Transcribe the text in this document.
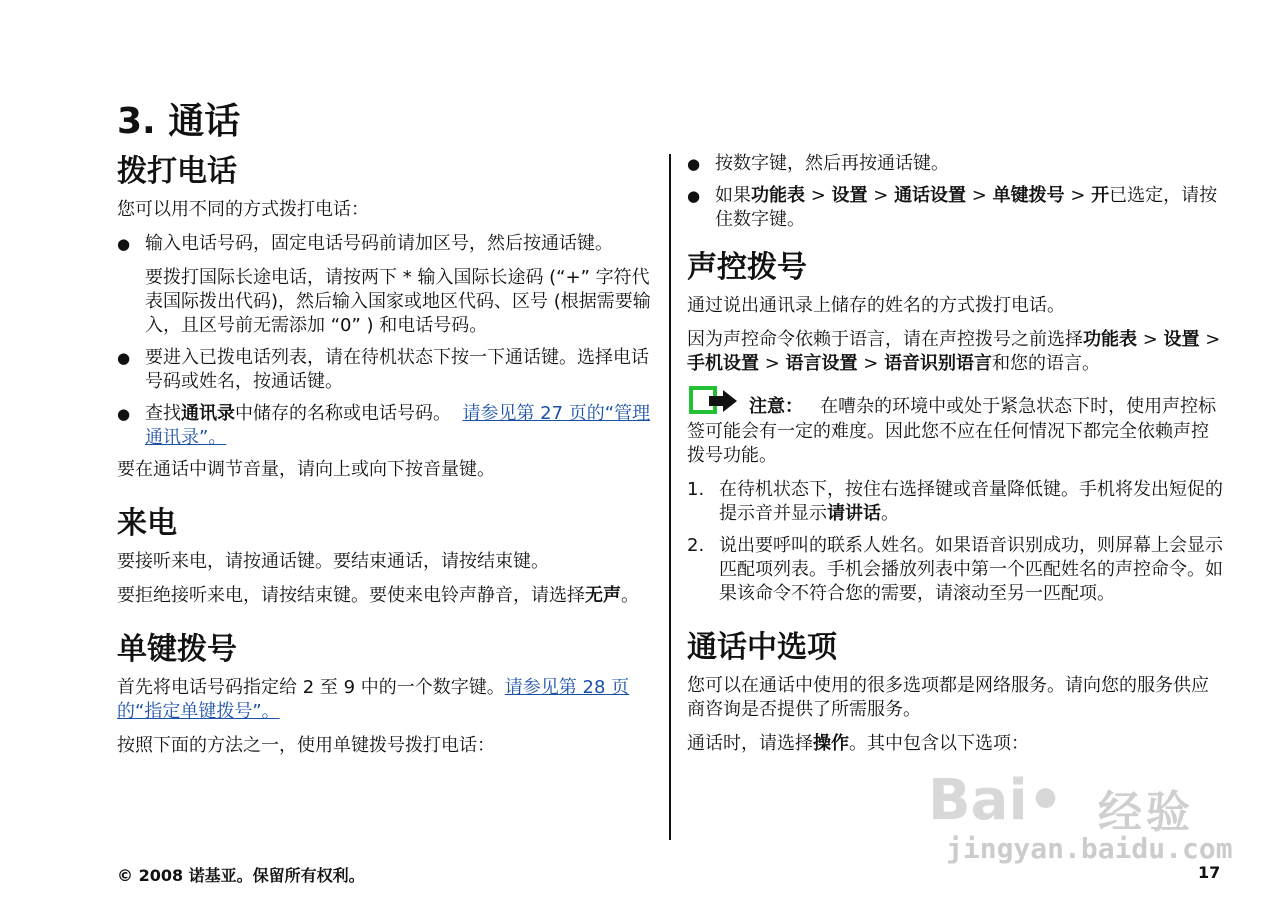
3. 通话
拨打电话

您可以用不同的方式拨打电话：

● 输入电话号码，固定电话号码前请加区号，然后按通话键。
要拨打国际长途电话，请按两下 * 输入国际长途码 (“+” 字符代表国际拨出代码)，然后输入国家或地区代码、区号 (根据需要输入，且区号前无需添加 “0” ) 和电话号码。
● 要进入已拨电话列表，请在待机状态下按一下通话键。选择电话号码或姓名，按通话键。
● 查找通讯录中储存的名称或电话号码。 请参见第 27 页的“管理通讯录”。

要在通话中调节音量，请向上或向下按音量键。

来电

要接听来电，请按通话键。要结束通话，请按结束键。

要拒绝接听来电，请按结束键。要使来电铃声静音，请选择无声。

单键拨号

首先将电话号码指定给 2 至 9 中的一个数字键。请参见第 28 页的“指定单键拨号”。

按照下面的方法之一，使用单键拨号拨打电话：

● 按数字键，然后再按通话键。
● 如果功能表 > 设置 > 通话设置 > 单键拨号 > 开已选定，请按住数字键。
声控拨号

通过说出通讯录上储存的姓名的方式拨打电话。

因为声控命令依赖于语言，请在声控拨号之前选择功能表 > 设置 > 手机设置 > 语言设置 > 语音识别语言和您的语言。

注意： 在嘈杂的环境中或处于紧急状态下时，使用声控标签可能会有一定的难度。因此您不应在任何情况下都完全依赖声控拨号功能。
1. 在待机状态下，按住右选择键或音量降低键。手机将发出短促的提示音并显示请讲话。
2. 说出要呼叫的联系人姓名。如果语音识别成功，则屏幕上会显示匹配项列表。手机会播放列表中第一个匹配姓名的声控命令。如果该命令不符合您的需要，请滚动至另一匹配项。
通话中选项

您可以在通话中使用的很多选项都是网络服务。请向您的服务供应商咨询是否提供了所需服务。

通话时，请选择操作。其中包含以下选项：

Bai• 经验
jingyan.baidu.com
© 2008 诺基亚。保留所有权利。	17
